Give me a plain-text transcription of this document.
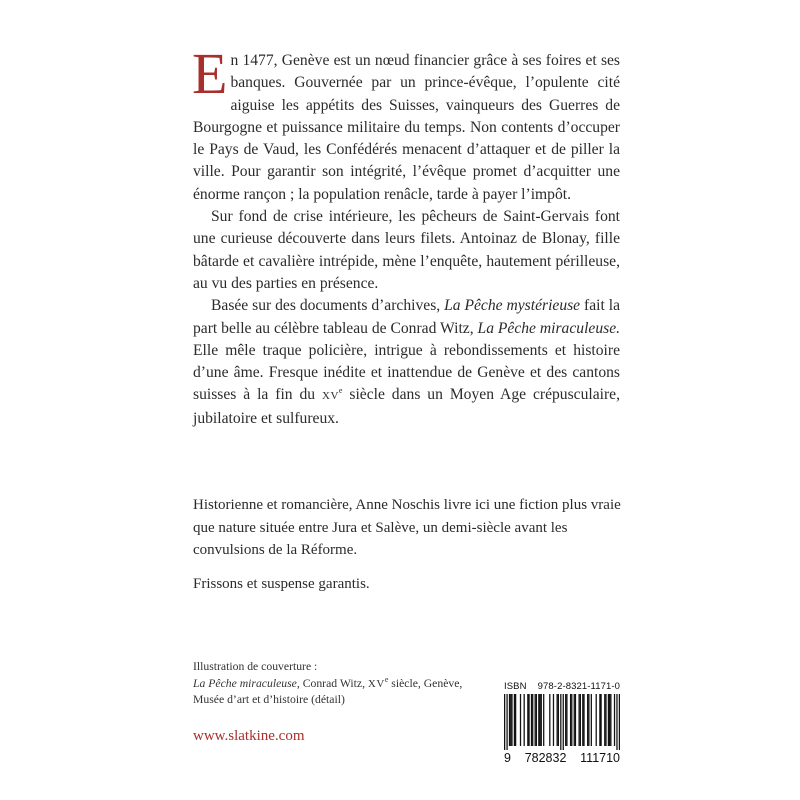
En 1477, Genève est un nœud financier grâce à ses foires et ses banques. Gouvernée par un prince-évêque, l’opulente cité aiguise les appétits des Suisses, vainqueurs des Guerres de Bourgogne et puissance militaire du temps. Non contents d’occuper le Pays de Vaud, les Confédérés menacent d’attaquer et de piller la ville. Pour garantir son intégrité, l’évêque promet d’acquitter une énorme rançon ; la population renâcle, tarde à payer l’impôt.

Sur fond de crise intérieure, les pêcheurs de Saint-Gervais font une curieuse découverte dans leurs filets. Antoinaz de Blonay, fille bâtarde et cavalière intrépide, mène l’enquête, hautement périlleuse, au vu des parties en présence.

Basée sur des documents d’archives, La Pêche mystérieuse fait la part belle au célèbre tableau de Conrad Witz, La Pêche miraculeuse. Elle mêle traque policière, intrigue à rebondissements et histoire d’une âme. Fresque inédite et inattendue de Genève et des cantons suisses à la fin du XVe siècle dans un Moyen Age crépusculaire, jubilatoire et sulfureux.

Historienne et romancière, Anne Noschis livre ici une fiction plus vraie que nature située entre Jura et Salève, un demi-siècle avant les convulsions de la Réforme.

Frissons et suspense garantis.

Illustration de couverture :
La Pêche miraculeuse, Conrad Witz, XVe siècle, Genève,
Musée d’art et d’histoire (détail)
www.slatkine.com
ISBN 978-2-8321-1171-0
9 782832 111710
